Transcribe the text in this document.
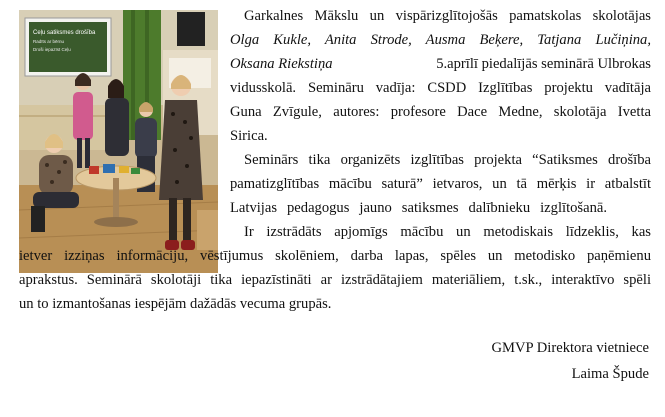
Ceļu satiksmes drošība
Radīts ar bērnu
Droši iepazīst Ceļu
Garkalnes Mākslu un vispārizglītojošās pamatskolas skolotājas
Olga Kukle, Anita Strode, Ausma Beķere, Tatjana Lučiņina,
Oksana Riekstiņa	5.aprīlī piedalījās seminārā Ulbrokas
vidusskolā. Semināru vadīja: CSDD Izglītības projektu vadītāja
Guna Zvīgule, autores: profesore Dace Medne, skolotāja Ivetta
Sirica.
Seminārs tika organizēts izglītības projekta “Satiksmes drošība
pamatizglītības mācību saturā” ietvaros, un tā mērķis ir atbalstīt
Latvijas pedagogus jauno satiksmes dalībnieku izglītošanā.
Ir izstrādāts apjomīgs mācību un metodiskais līdzeklis, kas
ietver izziņas informāciju, vēstījumus skolēniem, darba lapas, spēles un metodisko paņēmienu
aprakstus. Seminārā skolotāji tika iepazīstināti ar izstrādātajiem materiāliem, t.sk., interaktīvo spēli
un to izmantošanas iespējām dažādās vecuma grupās.
GMVP Direktora vietniece
Laima Špude
